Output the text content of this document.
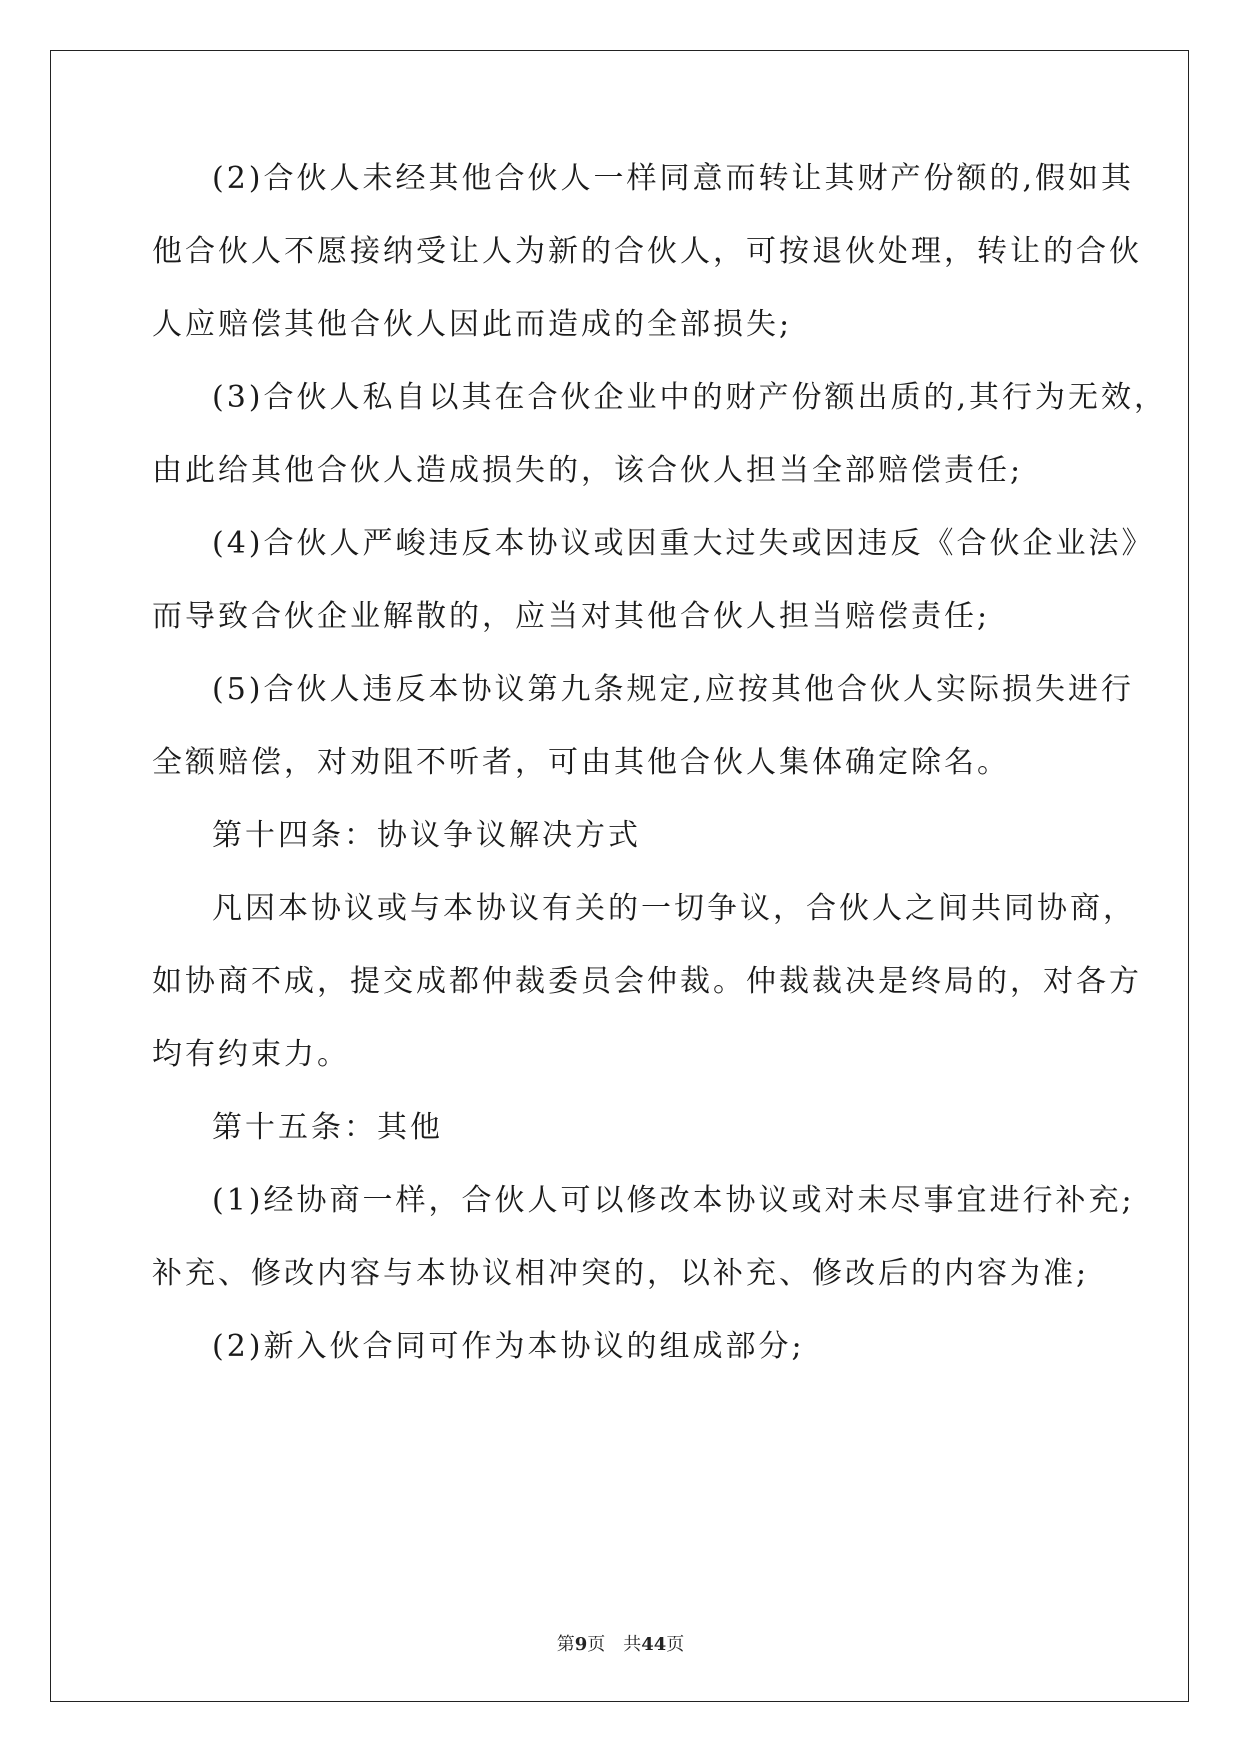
(2)合伙人未经其他合伙人一样同意而转让其财产份额的,假如其
他合伙人不愿接纳受让人为新的合伙人，可按退伙处理，转让的合伙
人应赔偿其他合伙人因此而造成的全部损失;
(3)合伙人私自以其在合伙企业中的财产份额出质的,其行为无效，
由此给其他合伙人造成损失的，该合伙人担当全部赔偿责任;
(4)合伙人严峻违反本协议或因重大过失或因违反《合伙企业法》
而导致合伙企业解散的，应当对其他合伙人担当赔偿责任;
(5)合伙人违反本协议第九条规定,应按其他合伙人实际损失进行
全额赔偿，对劝阻不听者，可由其他合伙人集体确定除名。
第十四条：协议争议解决方式
凡因本协议或与本协议有关的一切争议，合伙人之间共同协商，
如协商不成，提交成都仲裁委员会仲裁。仲裁裁决是终局的，对各方
均有约束力。
第十五条：其他
(1)经协商一样，合伙人可以修改本协议或对未尽事宜进行补充;
补充、修改内容与本协议相冲突的，以补充、修改后的内容为准;
(2)新入伙合同可作为本协议的组成部分;
第9页　共44页
